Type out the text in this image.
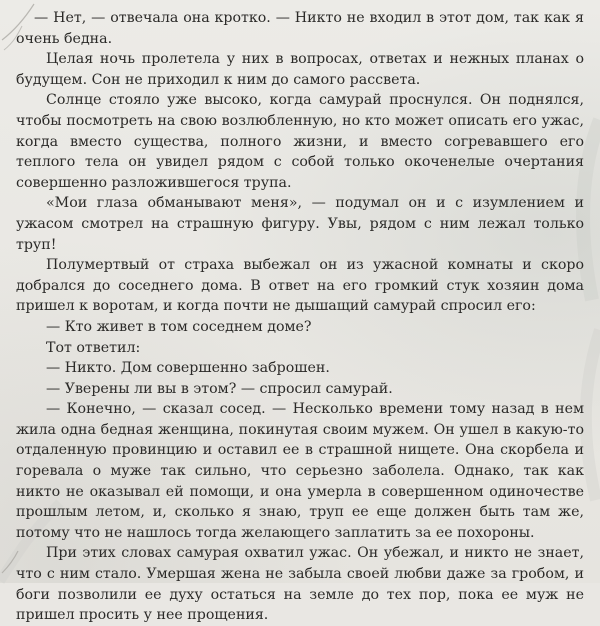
— Нет, — отвечала она кротко. — Никто не входил в этот дом, так как я очень бедна.

Целая ночь пролетела у них в вопросах, ответах и нежных планах о будущем. Сон не приходил к ним до самого рассвета.

Солнце стояло уже высоко, когда самурай проснулся. Он поднялся, чтобы посмотреть на свою возлюбленную, но кто может описать его ужас, когда вместо существа, полного жизни, и вместо согревавшего его теплого тела он увидел рядом с собой только окоченелые очертания совершенно разложившегося трупа.

«Мои глаза обманывают меня», — подумал он и с изумлением и ужасом смотрел на страшную фигуру. Увы, рядом с ним лежал только труп!

Полумертвый от страха выбежал он из ужасной комнаты и скоро добрался до соседнего дома. В ответ на его громкий стук хозяин дома пришел к воротам, и когда почти не дышащий самурай спросил его:

— Кто живет в том соседнем доме?

Тот ответил:

— Никто. Дом совершенно заброшен.

— Уверены ли вы в этом? — спросил самурай.

— Конечно, — сказал сосед. — Несколько времени тому назад в нем жила одна бедная женщина, покинутая своим мужем. Он ушел в какую-то отдаленную провинцию и оставил ее в страшной нищете. Она скорбела и горевала о муже так сильно, что серьезно заболела. Однако, так как никто не оказывал ей помощи, и она умерла в совершенном одиночестве прошлым летом, и, сколько я знаю, труп ее еще должен быть там же, потому что не нашлось тогда желающего заплатить за ее похороны.

При этих словах самурая охватил ужас. Он убежал, и никто не знает, что с ним стало. Умершая жена не забыла своей любви даже за гробом, и боги позволили ее духу остаться на земле до тех пор, пока ее муж не пришел просить у нее прощения.
